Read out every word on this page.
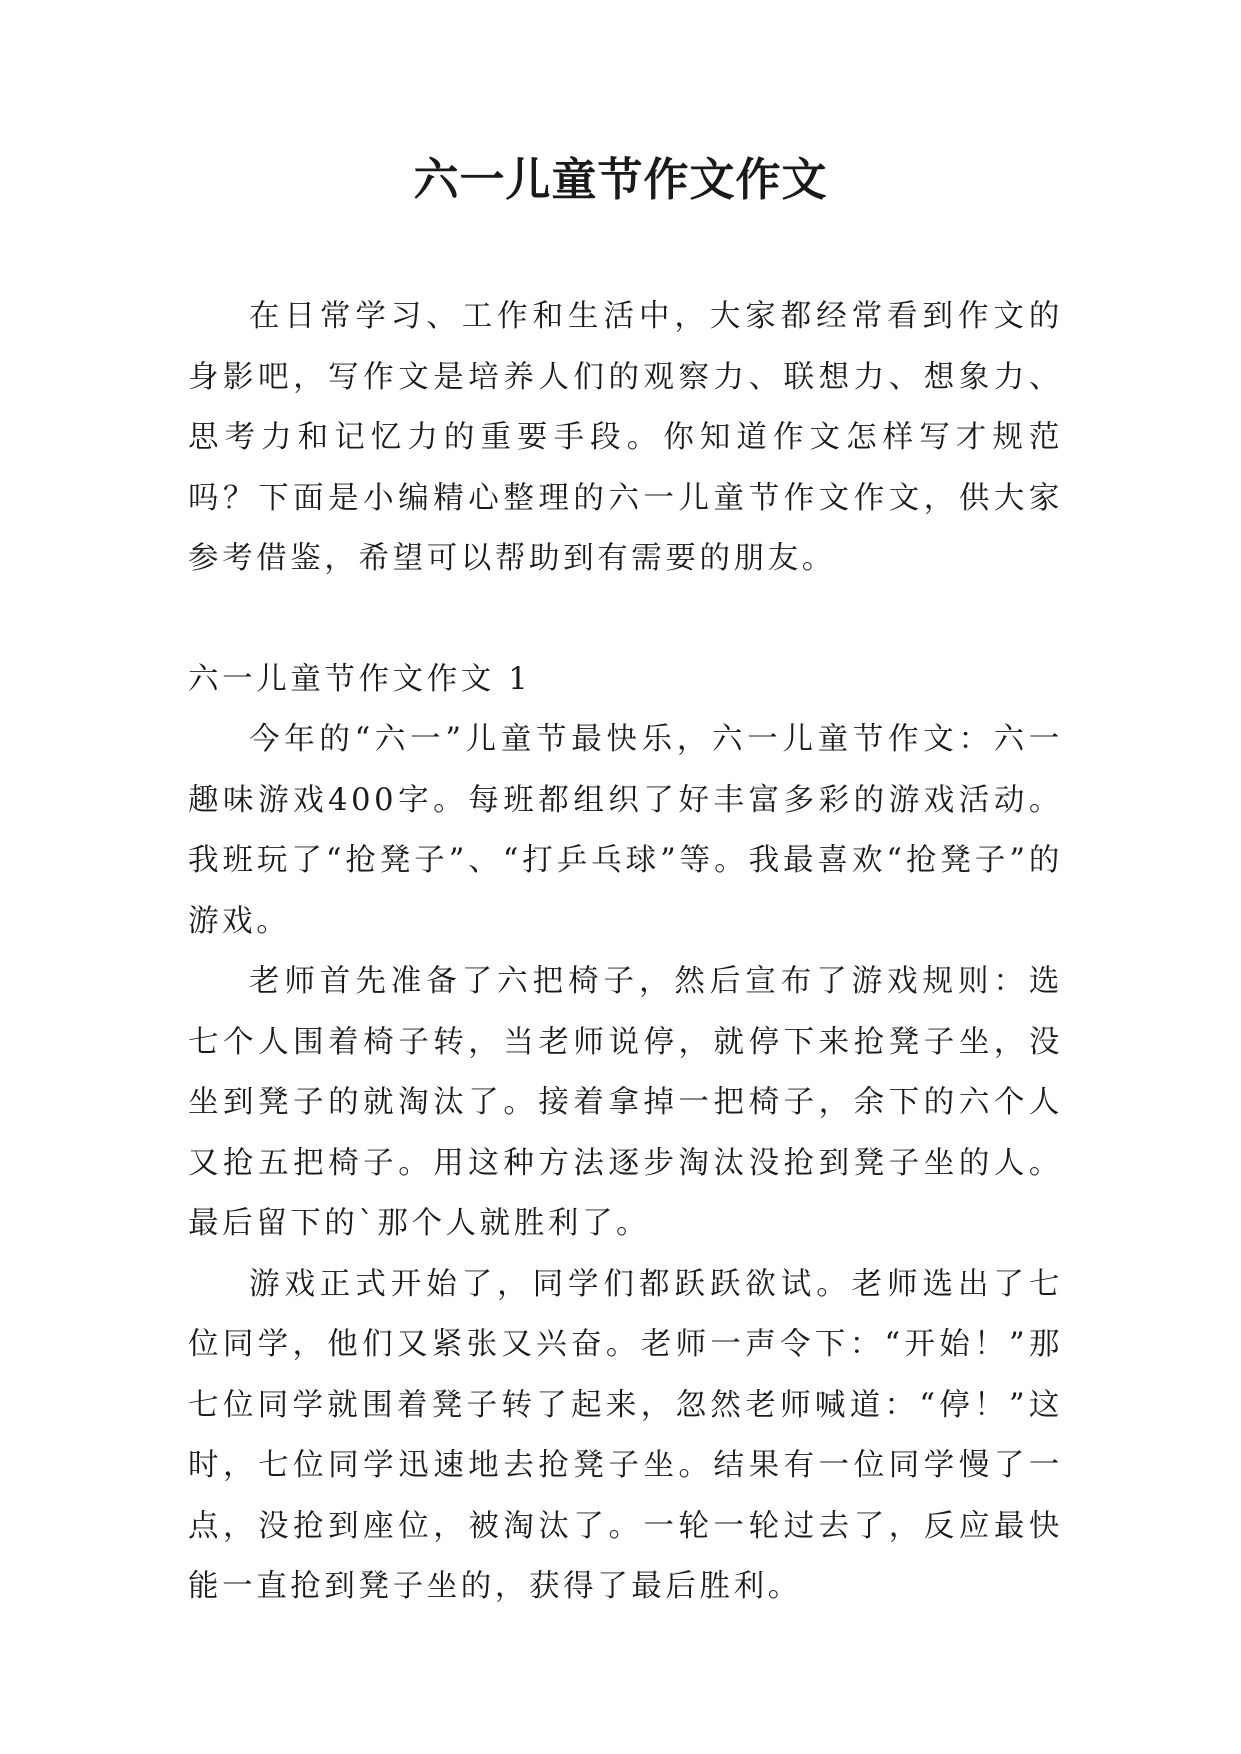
六一儿童节作文作文

在日常学习、工作和生活中，大家都经常看到作文的身影吧，写作文是培养人们的观察力、联想力、想象力、思考力和记忆力的重要手段。你知道作文怎样写才规范吗？下面是小编精心整理的六一儿童节作文作文，供大家参考借鉴，希望可以帮助到有需要的朋友。

六一儿童节作文作文 1

今年的“六一”儿童节最快乐，六一儿童节作文：六一趣味游戏400字。每班都组织了好丰富多彩的游戏活动。我班玩了“抢凳子”、“打乒乓球”等。我最喜欢“抢凳子”的游戏。

老师首先准备了六把椅子，然后宣布了游戏规则：选七个人围着椅子转，当老师说停，就停下来抢凳子坐，没坐到凳子的就淘汰了。接着拿掉一把椅子，余下的六个人又抢五把椅子。用这种方法逐步淘汰没抢到凳子坐的人。最后留下的`那个人就胜利了。

游戏正式开始了，同学们都跃跃欲试。老师选出了七位同学，他们又紧张又兴奋。老师一声令下：“开始！”那七位同学就围着凳子转了起来，忽然老师喊道：“停！”这时，七位同学迅速地去抢凳子坐。结果有一位同学慢了一点，没抢到座位，被淘汰了。一轮一轮过去了，反应最快能一直抢到凳子坐的，获得了最后胜利。
